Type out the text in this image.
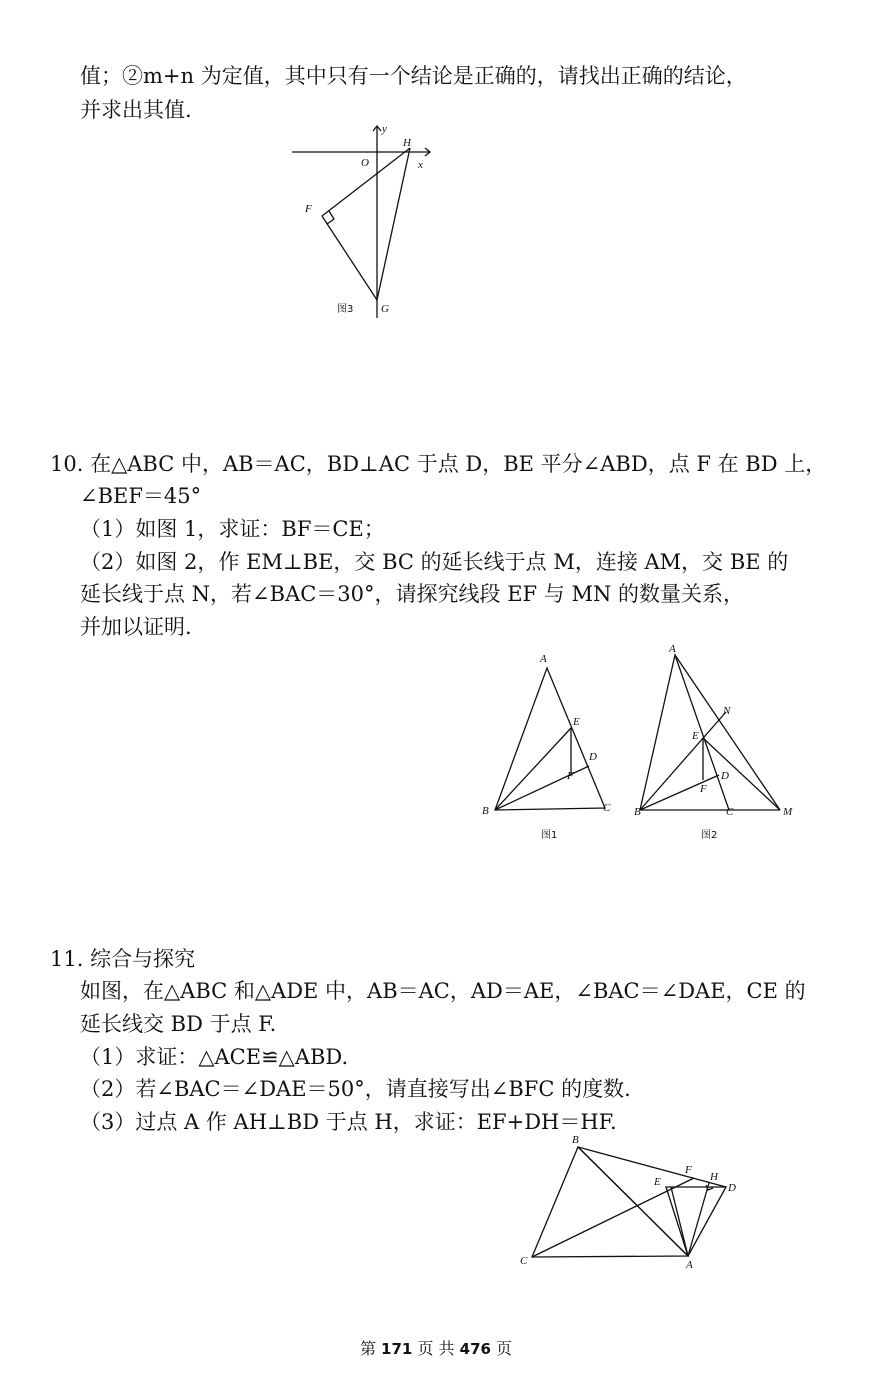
值；②m+n 为定值，其中只有一个结论是正确的，请找出正确的结论，
并求出其值.
y
O
H
x
F
G
图3
10. 在△ABC 中，AB＝AC，BD⊥AC 于点 D，BE 平分∠ABD，点 F 在 BD 上，
∠BEF＝45°
（1）如图 1，求证：BF＝CE；
（2）如图 2，作 EM⊥BE，交 BC 的延长线于点 M，连接 AM，交 BE 的
延长线于点 N，若∠BAC＝30°，请探究线段 EF 与 MN 的数量关系，
并加以证明.
A
E
D
F
B	C
图1
A
N
E
D
F
B	C	M
图2
11. 综合与探究
如图，在△ABC 和△ADE 中，AB＝AC，AD＝AE，∠BAC＝∠DAE，CE 的
延长线交 BD 于点 F.
（1）求证：△ACE≌△ABD.
（2）若∠BAC＝∠DAE＝50°，请直接写出∠BFC 的度数.
（3）过点 A 作 AH⊥BD 于点 H，求证：EF+DH＝HF.
B
F
H
E	D
C	A
第 171 页 共 476 页
